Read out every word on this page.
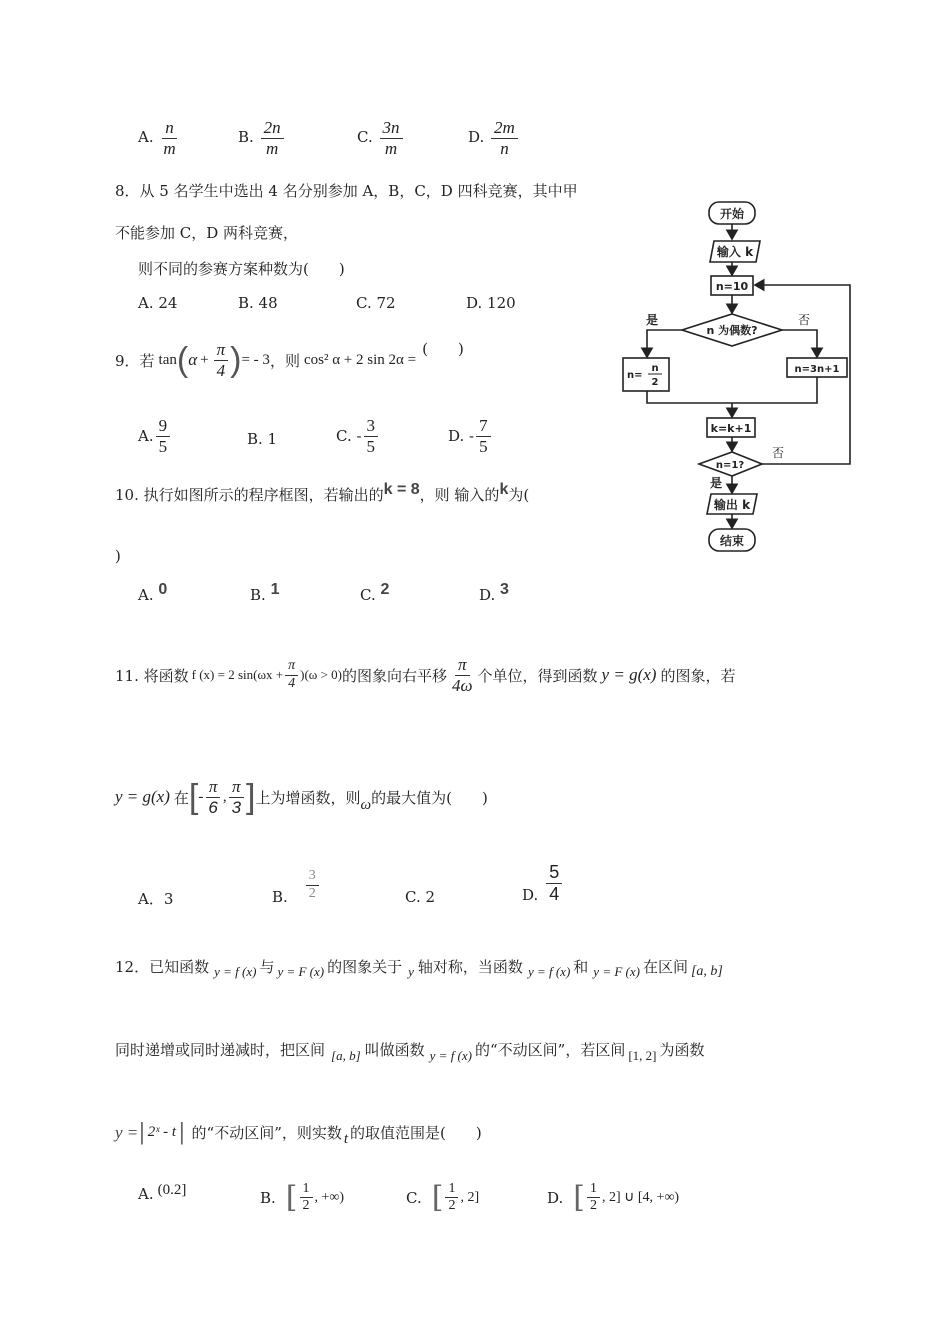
A. $\frac{n}{m}$	B. $\frac{2n}{m}$	C. $\frac{3n}{m}$	D. $\frac{2m}{n}$
8．从 5 名学生中选出 4 名分别参加 A，B，C，D 四科竞赛，其中甲
不能参加 C，D 两科竞赛，
则不同的参赛方案种数为(　　)
A. 24	B. 48	C. 72	D. 120
9．若 tan ( $\alpha + \frac{\pi}{4}$ ) = - 3 ，则 cos² α + 2 sin 2α =
(　　)
A. $\frac{9}{5}$	B. 1	C. - $\frac{3}{5}$	D. - $\frac{7}{5}$
10. 执行如图所示的程序框图，若输出的k = 8，则 输入的k为(
)
A. 0	B. 1	C. 2	D. 3
开始
输入 k
n=10
n 为偶数?
是	否
n=
n
2
n=3n+1
k=k+1
n=1?
否
是
输出 k
结束
11. 将函数 f (x) = 2 $\sin(\omega x + \frac{\pi}{4} )(\omega > 0)$ 的图象向右平移 $\frac{\pi}{4\omega}$ 个单位，得到函数 y = g(x) 的图象，若
y = g(x) 在 [ - $\frac{\pi}{6}$ , $\frac{\pi}{3}$ ] 上为增函数，则 ω 的最大值为(　　)
A．3	B. $\frac{3}{2}$	C. 2	D. $\frac{5}{4}$
12．已知函数 y = f (x) 与 y = F (x) 的图象关于 y 轴对称，当函数 y = f (x) 和 y = F (x) 在区间 [a, b]
同时递增或同时递减时，把区间 [a, b] 叫做函数 y = f (x) 的“不动区间”，若区间 [1, 2] 为函数
y = | 2ˣ - t | 的“不动区间”，则实数 t 的取值范围是(　　)
A. (0.2]	B. [ $\frac{1}{2}$ , +∞)	C. [ $\frac{1}{2}$ , 2]	D. [ $\frac{1}{2}$ , 2] ∪ [4, +∞)
